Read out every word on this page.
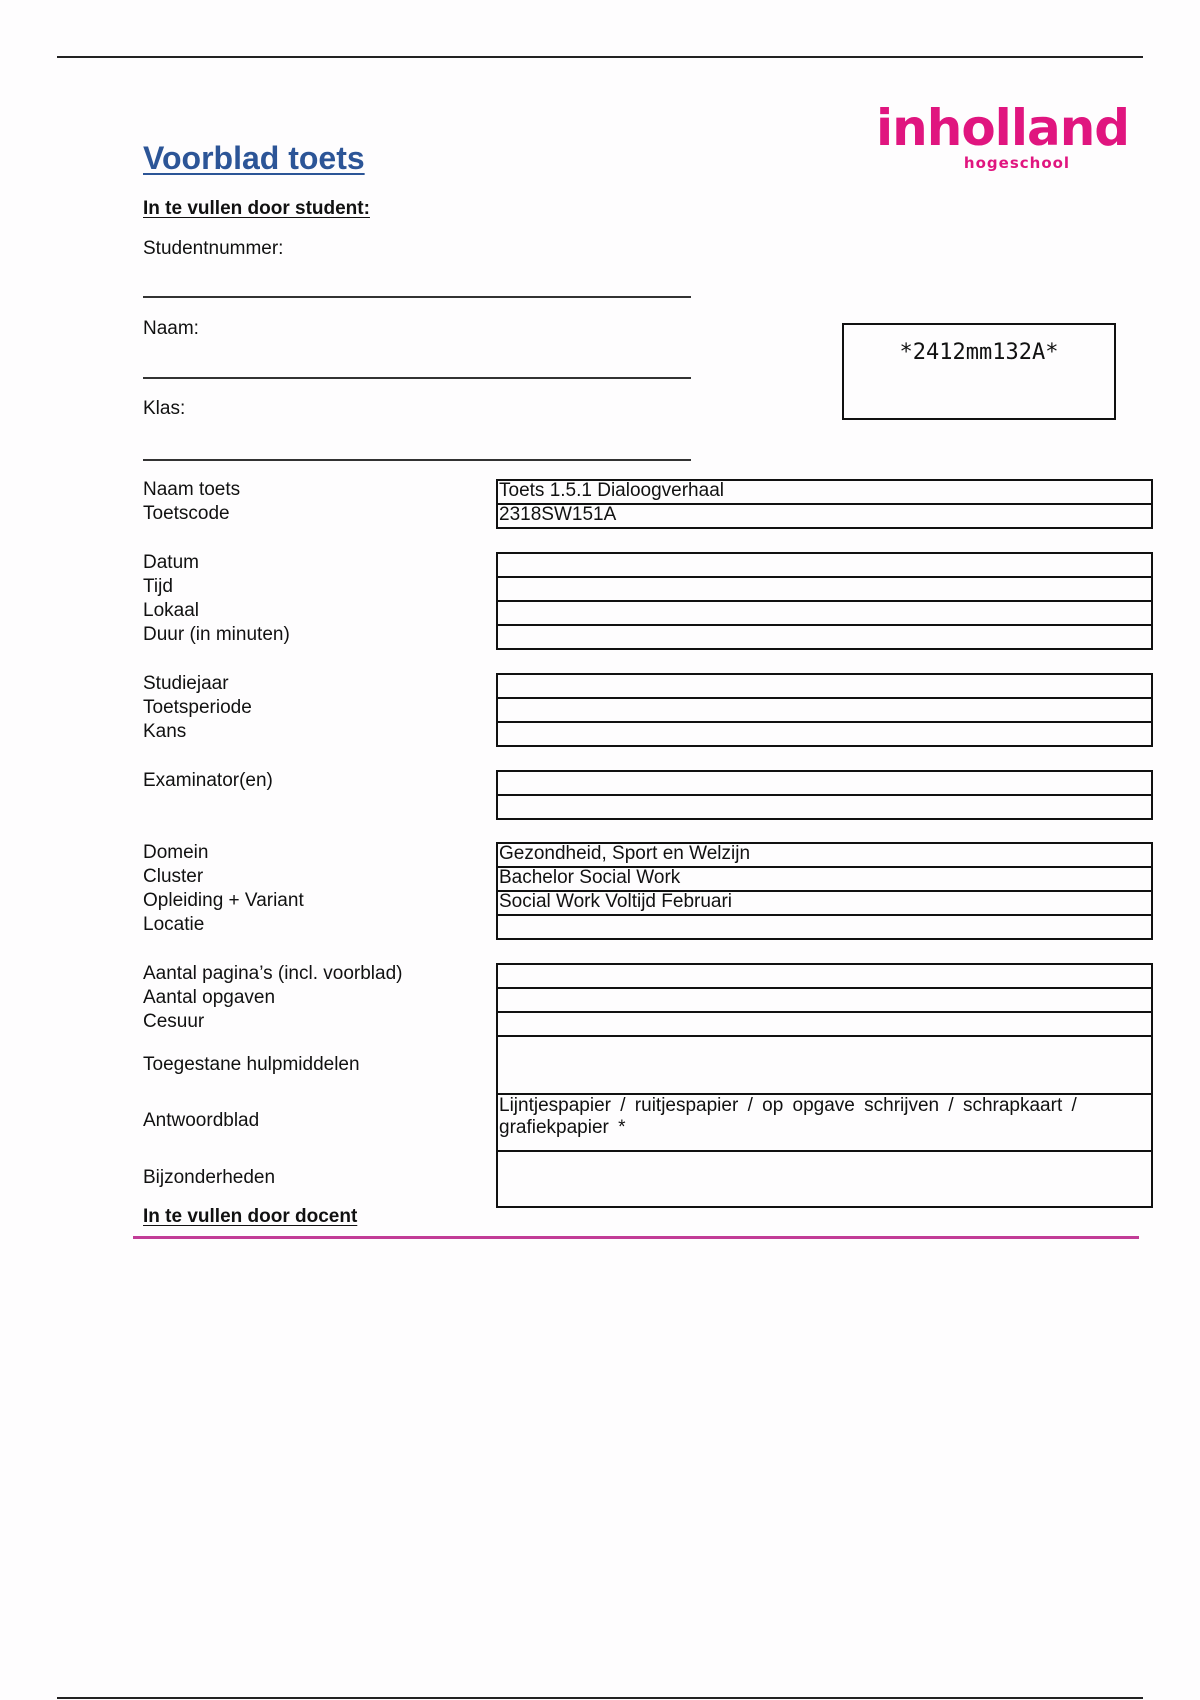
inholland
hogeschool
Voorblad toets
In te vullen door student:
Studentnummer:
Naam:
Klas:
*2412mm132A*
Naam toets
Toetscode
Datum
Tijd
Lokaal
Duur (in minuten)
Studiejaar
Toetsperiode
Kans
Examinator(en)
Domein
Cluster
Opleiding + Variant
Locatie
Aantal pagina’s (incl. voorblad)
Aantal opgaven
Cesuur
Toegestane hulpmiddelen
Antwoordblad
Bijzonderheden
Toets 1.5.1 Dialoogverhaal
2318SW151A
Gezondheid, Sport en Welzijn
Bachelor Social Work
Social Work Voltijd Februari
Lijntjespapier / ruitjespapier / op opgave schrijven / schrapkaart / grafiekpapier *
In te vullen door docent
